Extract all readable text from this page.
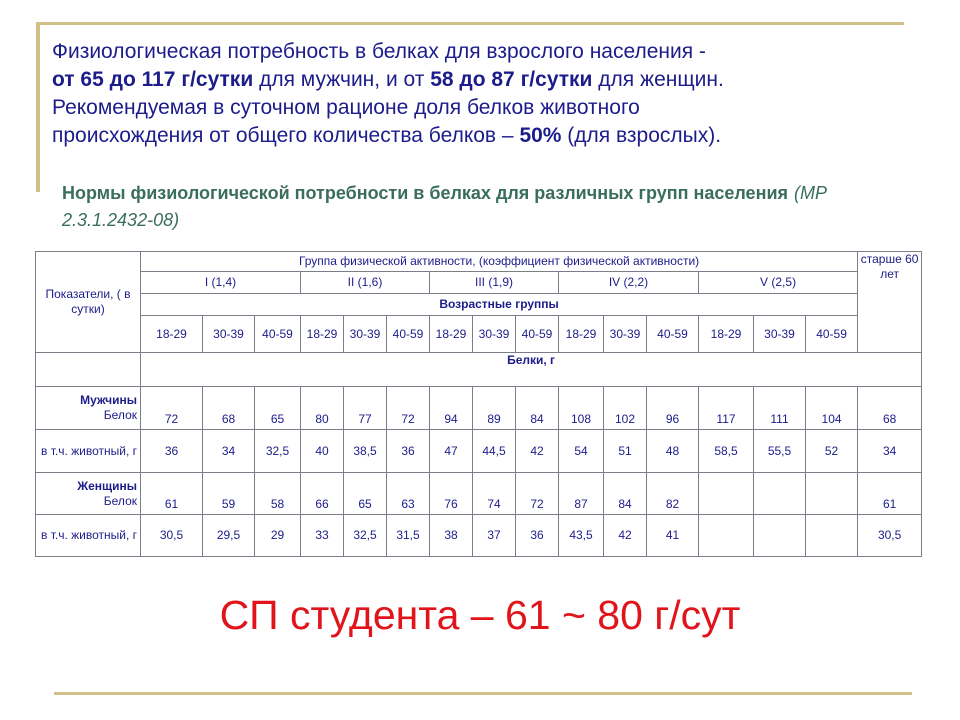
Физиологическая потребность в белках для взрослого населения -
от 65 до 117 г/сутки для мужчин, и от 58 до 87 г/сутки для женщин.
Рекомендуемая в суточном рационе доля белков животного
происхождения от общего количества белков – 50% (для взрослых).
Нормы физиологической потребности в белках для различных групп населения (МР 2.3.1.2432-08)
Показатели, ( в сутки)	Группа физической активности, (коэффициент физической активности)															старше 60 лет
	I (1,4)			II (1,6)			III (1,9)			IV (2,2)			V (2,5)			
	Возрастные группы															
	18-29	30-39	40-59	18-29	30-39	40-59	18-29	30-39	40-59	18-29	30-39	40-59	18-29	30-39	40-59	
	Белки, г															
Мужчины
Белок	72	68	65	80	77	72	94	89	84	108	102	96	117	111	104	68
в т.ч. животный, г	36	34	32,5	40	38,5	36	47	44,5	42	54	51	48	58,5	55,5	52	34
Женщины
Белок	61	59	58	66	65	63	76	74	72	87	84	82				61
в т.ч. животный, г	30,5	29,5	29	33	32,5	31,5	38	37	36	43,5	42	41				30,5
СП студента – 61 ~ 80 г/сут
